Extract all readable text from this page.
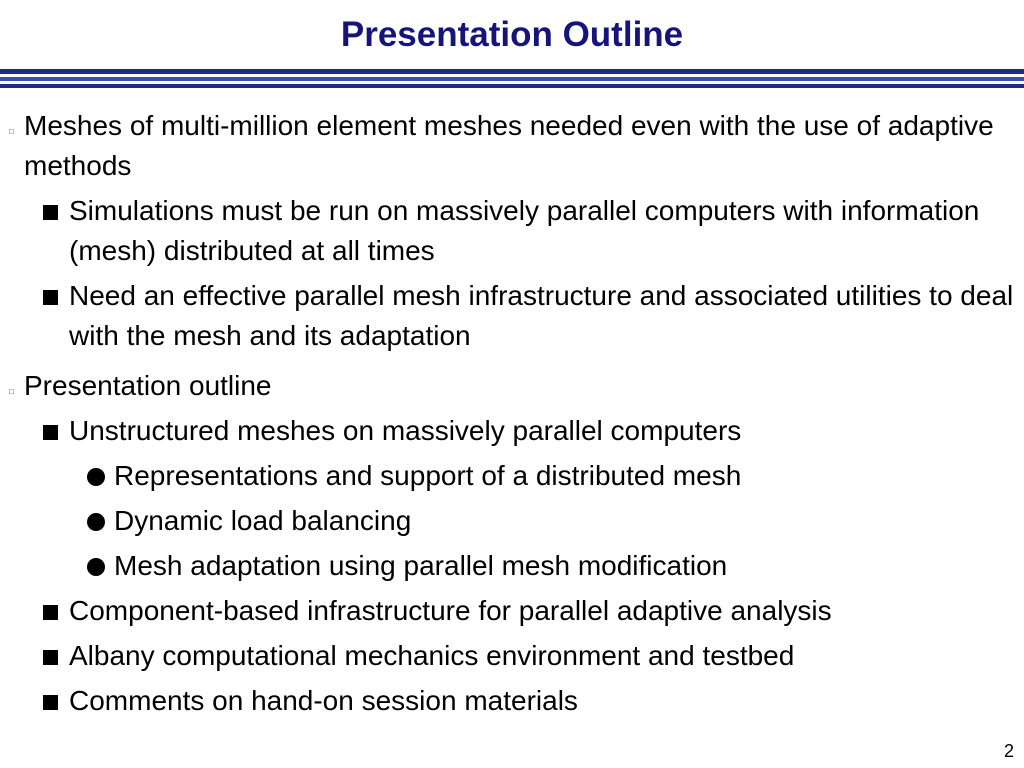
Presentation Outline
□ Meshes of multi-million element meshes needed even with the use of adaptive methods
Simulations must be run on massively parallel computers with information (mesh) distributed at all times
Need an effective parallel mesh infrastructure and associated utilities to deal with the mesh and its adaptation
□ Presentation outline
Unstructured meshes on massively parallel computers
Representations and support of a distributed mesh
Dynamic load balancing
Mesh adaptation using parallel mesh modification
Component-based infrastructure for parallel adaptive analysis
Albany computational mechanics environment and testbed
Comments on hand-on session materials
2
